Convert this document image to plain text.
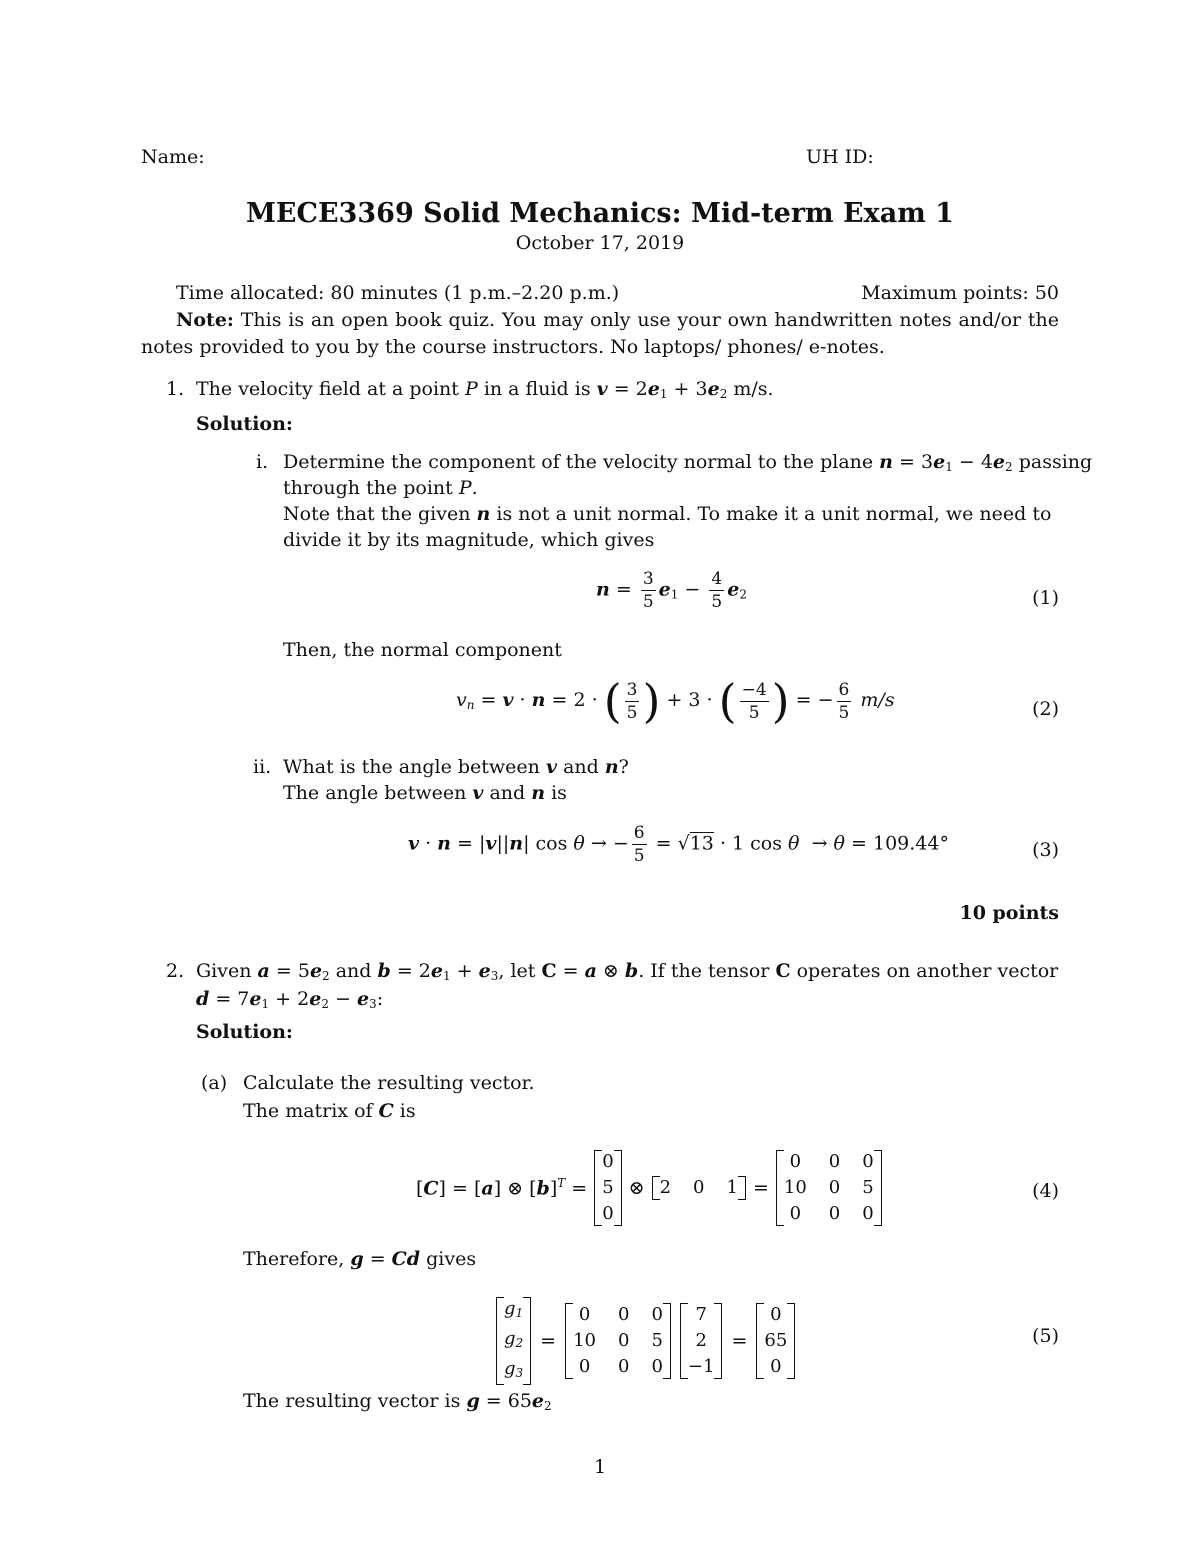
Name:	UH ID:
MECE3369 Solid Mechanics: Mid-term Exam 1
October 17, 2019
Time allocated: 80 minutes (1 p.m.–2.20 p.m.)	Maximum points: 50
Note: This is an open book quiz. You may only use your own handwritten notes and/or the notes provided to you by the course instructors. No laptops/ phones/ e-notes.
1. The velocity field at a point P in a fluid is $v = 2e_1 + 3e_2$ m/s.
Solution:
i. Determine the component of the velocity normal to the plane $n = 3e_1 - 4e_2$ passing
through the point P.
Note that the given n is not a unit normal. To make it a unit normal, we need to
divide it by its magnitude, which gives
$n = \frac{3}{5} e_1 - \frac{4}{5} e_2$	(1)
Then, the normal component
$v_n = v \cdot n = 2$ · ( $\frac{3}{5}$ ) + 3 · ( $\frac{-4}{5}$ ) = − $\frac{6}{5} m/s$	(2)
ii. What is the angle between v and n?
The angle between v and n is
v · n = |v||n| cos θ → − $\frac{6}{5} = √13 \cdot 1$ cos θ  → θ = 109.44°	(3)
10 points
2. Given $a = 5e_2$ and $b = 2e_1 + e_3$, let C = a ⊗ b. If the tensor C operates on another vector
$d = 7e_1 + 2e_2 - e_3$:
Solution:
(a) Calculate the resulting vector.
The matrix of C is
[C] = [a] ⊗ $[b]^T$ =
0
5
0
⊗ 2 0 1 =
0	0 0
10 0 5
0	0 0
(4)
Therefore, g = Cd gives
$g_1$
$g_2$
$g_3$
=
0	0 0
10 0 5
0	0 0
7
2
−1
=
0
65
0
(5)
The resulting vector is $g = 65e_2$
1
